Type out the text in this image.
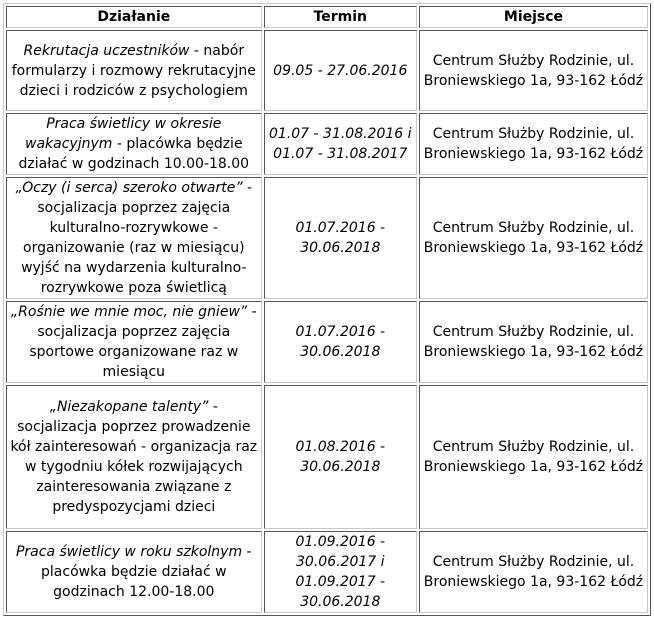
Działanie	Termin	Miejsce
Rekrutacja uczestników - nabór formularzy i rozmowy rekrutacyjne dzieci i rodziców z psychologiem	09.05 - 27.06.2016	Centrum Służby Rodzinie, ul. Broniewskiego 1a, 93-162 Łódź
Praca świetlicy w okresie wakacyjnym - placówka będzie działać w godzinach 10.00-18.00	01.07 - 31.08.2016 i 01.07 - 31.08.2017	Centrum Służby Rodzinie, ul. Broniewskiego 1a, 93-162 Łódź
„Oczy (i serca) szeroko otwarte” - socjalizacja poprzez zajęcia kulturalno-rozrywkowe - organizowanie (raz w miesiącu) wyjść na wydarzenia kulturalno-rozrywkowe poza świetlicą	01.07.2016 - 30.06.2018	Centrum Służby Rodzinie, ul. Broniewskiego 1a, 93-162 Łódź
„Rośnie we mnie moc, nie gniew” - socjalizacja poprzez zajęcia sportowe organizowane raz w miesiącu	01.07.2016 - 30.06.2018	Centrum Służby Rodzinie, ul. Broniewskiego 1a, 93-162 Łódź
„Niezakopane talenty” - socjalizacja poprzez prowadzenie kół zainteresowań - organizacja raz w tygodniu kółek rozwijających zainteresowania związane z predyspozycjami dzieci	01.08.2016 - 30.06.2018	Centrum Służby Rodzinie, ul. Broniewskiego 1a, 93-162 Łódź
Praca świetlicy w roku szkolnym - placówka będzie działać w godzinach 12.00-18.00	01.09.2016 - 30.06.2017 i 01.09.2017 - 30.06.2018	Centrum Służby Rodzinie, ul. Broniewskiego 1a, 93-162 Łódź
